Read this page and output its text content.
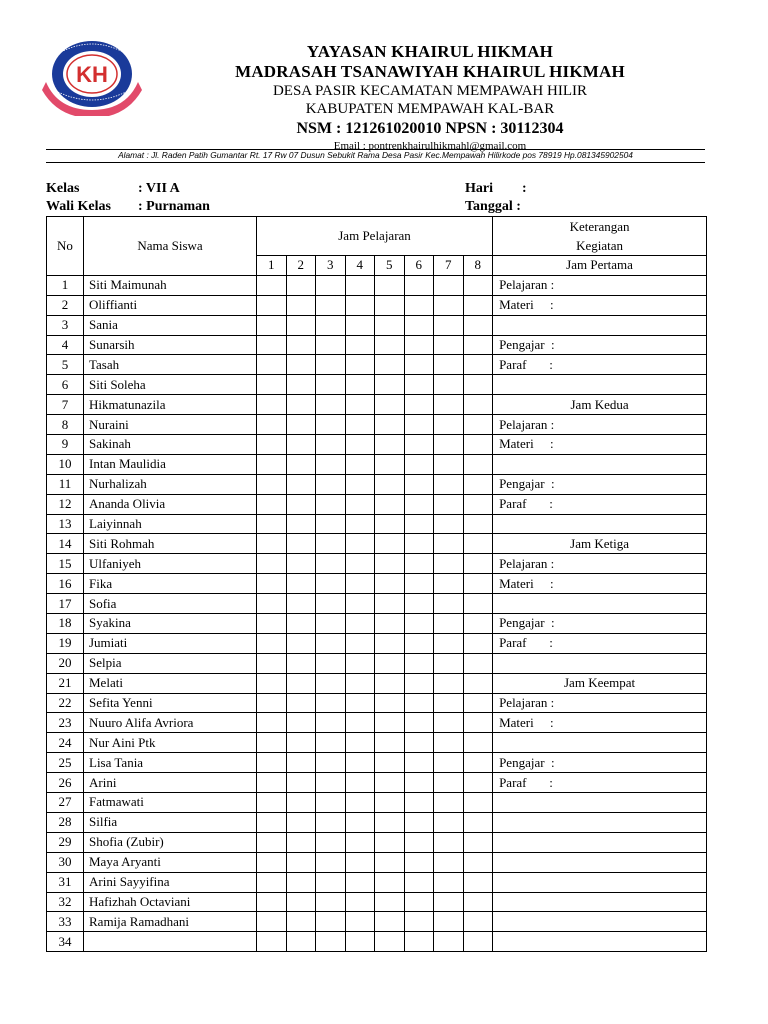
KH
YAYASAN KHAIRUL HIKMAH
MADRASAH TSANAWIYAH KHAIRUL HIKMAH
DESA PASIR KECAMATAN MEMPAWAH HILIR
KABUPATEN MEMPAWAH KAL-BAR
NSM : 121261020010 NPSN : 30112304
Email : pontrenkhairulhikmahl@gmail.com
Alamat : Jl. Raden Patih Gumantar Rt. 17 Rw 07 Dusun Sebukit Rama Desa Pasir Kec.Mempawah Hilirkode pos 78919 Hp.081345902504
Kelas	: VII A
Wali Kelas : Purnaman
Hari :
Tanggal :
No	Nama Siswa	Jam Pelajaran								Keterangan
Kegiatan

		1	2	3	4	5	6	7	8	Jam Pertama
1	Siti Maimunah									Pelajaran :
2	Oliffianti									Materi     :
3	Sania									
4	Sunarsih									Pengajar  :
5	Tasah									Paraf       :
6	Siti Soleha									
7	Hikmatunazila									Jam Kedua
8	Nuraini									Pelajaran :
9	Sakinah									Materi     :
10	Intan Maulidia									
11	Nurhalizah									Pengajar  :
12	Ananda Olivia									Paraf       :
13	Laiyinnah									
14	Siti Rohmah									Jam Ketiga
15	Ulfaniyeh									Pelajaran :
16	Fika									Materi     :
17	Sofia									
18	Syakina									Pengajar  :
19	Jumiati									Paraf       :
20	Selpia									
21	Melati									Jam Keempat
22	Sefita Yenni									Pelajaran :
23	Nuuro Alifa Avriora									Materi     :
24	Nur Aini Ptk									
25	Lisa Tania									Pengajar  :
26	Arini									Paraf       :
27	Fatmawati									
28	Silfia									
29	Shofia (Zubir)									
30	Maya Aryanti									
31	Arini Sayyifina									
32	Hafizhah Octaviani									
33	Ramija Ramadhani									
34										
